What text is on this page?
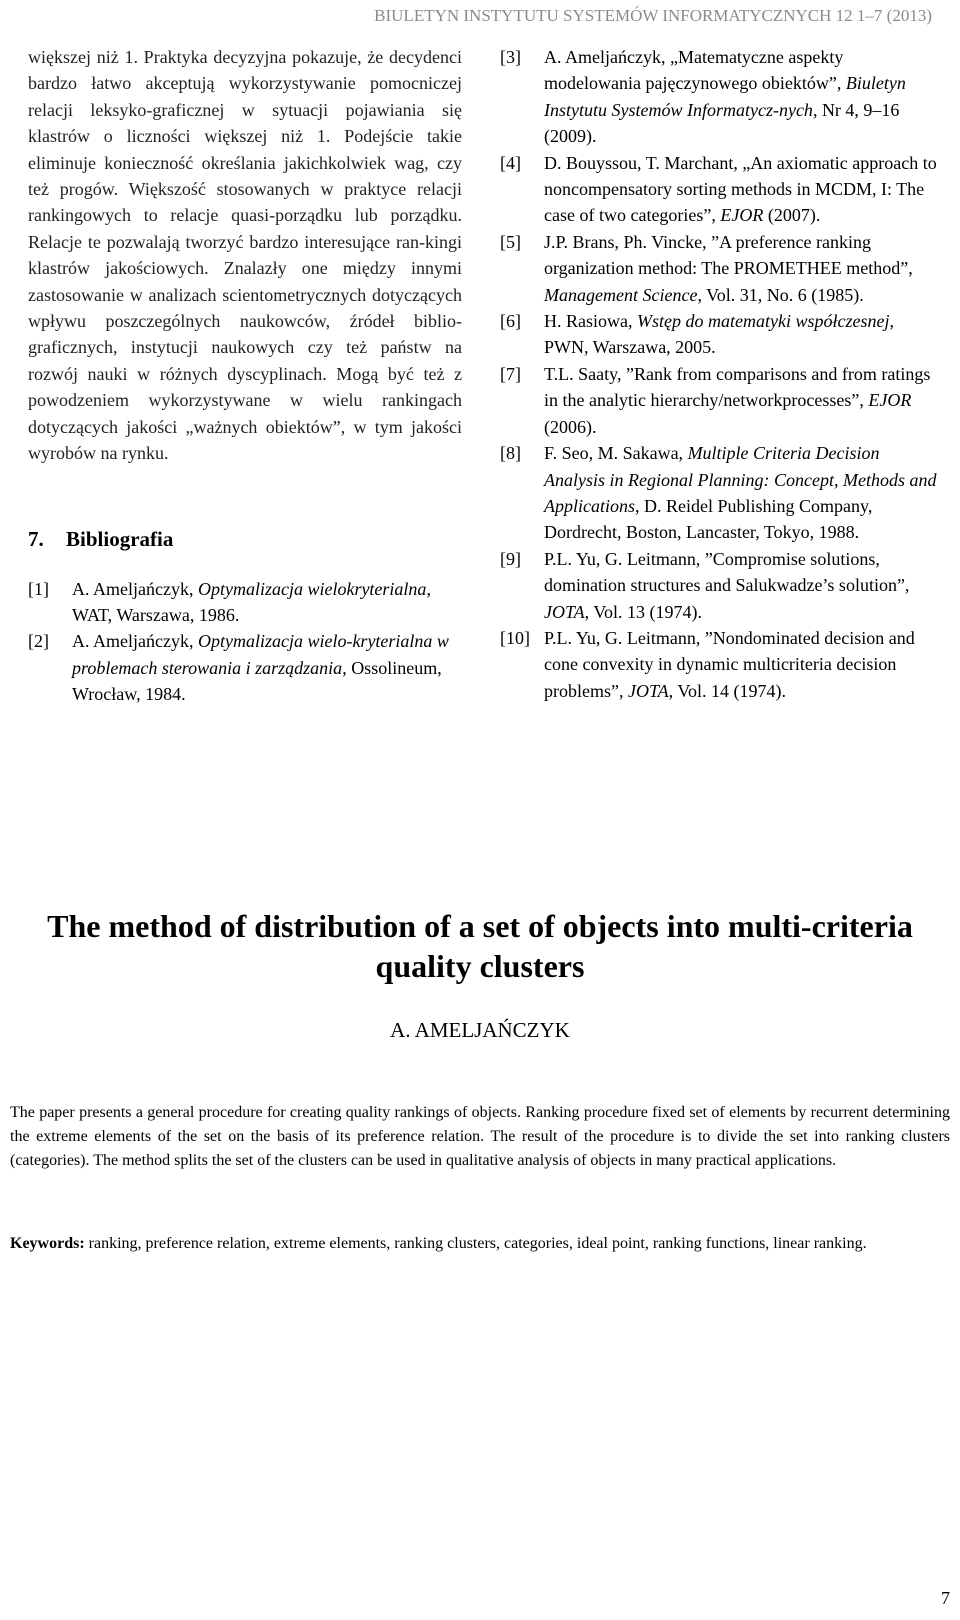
BIULETYN INSTYTUTU SYSTEMÓW INFORMATYCZNYCH 12 1–7 (2013)

większej niż 1. Praktyka decyzyjna pokazuje, że decydenci bardzo łatwo akceptują wykorzystywanie pomocniczej relacji leksyko-graficznej w sytuacji pojawiania się klastrów o liczności większej niż 1. Podejście takie eliminuje konieczność określania jakichkolwiek wag, czy też progów. Większość stosowanych w praktyce relacji rankingowych to relacje quasi-porządku lub porządku. Relacje te pozwalają tworzyć bardzo interesujące ran-kingi klastrów jakościowych. Znalazły one między innymi zastosowanie w analizach scientometrycznych dotyczących wpływu poszczególnych naukowców, źródeł biblio-graficznych, instytucji naukowych czy też państw na rozwój nauki w różnych dyscyplinach. Mogą być też z powodzeniem wykorzystywane w wielu rankingach dotyczących jakości „ważnych obiektów”, w tym jakości wyrobów na rynku.

7. Bibliografia
[1] A. Ameljańczyk, Optymalizacja wielokryterialna, WAT, Warszawa, 1986.
[2] A. Ameljańczyk, Optymalizacja wielo-kryterialna w problemach sterowania i zarządzania, Ossolineum, Wrocław, 1984.
[3] A. Ameljańczyk, „Matematyczne aspekty modelowania pajęczynowego obiektów”, Biuletyn Instytutu Systemów Informatycz-nych, Nr 4, 9–16 (2009).
[4] D. Bouyssou, T. Marchant, „An axiomatic approach to noncompensatory sorting methods in MCDM, I: The case of two categories”, EJOR (2007).
[5] J.P. Brans, Ph. Vincke, ”A preference ranking organization method: The PROMETHEE method”, Management Science, Vol. 31, No. 6 (1985).
[6] H. Rasiowa, Wstęp do matematyki współczesnej, PWN, Warszawa, 2005.
[7] T.L. Saaty, ”Rank from comparisons and from ratings in the analytic hierarchy/networkprocesses”, EJOR (2006).
[8] F. Seo, M. Sakawa, Multiple Criteria Decision Analysis in Regional Planning: Concept, Methods and Applications, D. Reidel Publishing Company, Dordrecht, Boston, Lancaster, Tokyo, 1988.
[9] P.L. Yu, G. Leitmann, ”Compromise solutions, domination structures and Salukwadze’s solution”, JOTA, Vol. 13 (1974).
[10] P.L. Yu, G. Leitmann, ”Nondominated decision and cone convexity in dynamic multicriteria decision problems”, JOTA, Vol. 14 (1974).
The method of distribution of a set of objects into multi-criteria quality clusters
A. AMELJAŃCZYK

The paper presents a general procedure for creating quality rankings of objects. Ranking procedure fixed set of elements by recurrent determining the extreme elements of the set on the basis of its preference relation. The result of the procedure is to divide the set into ranking clusters (categories). The method splits the set of the clusters can be used in qualitative analysis of objects in many practical applications.

Keywords: ranking, preference relation, extreme elements, ranking clusters, categories, ideal point, ranking functions, linear ranking.

7
